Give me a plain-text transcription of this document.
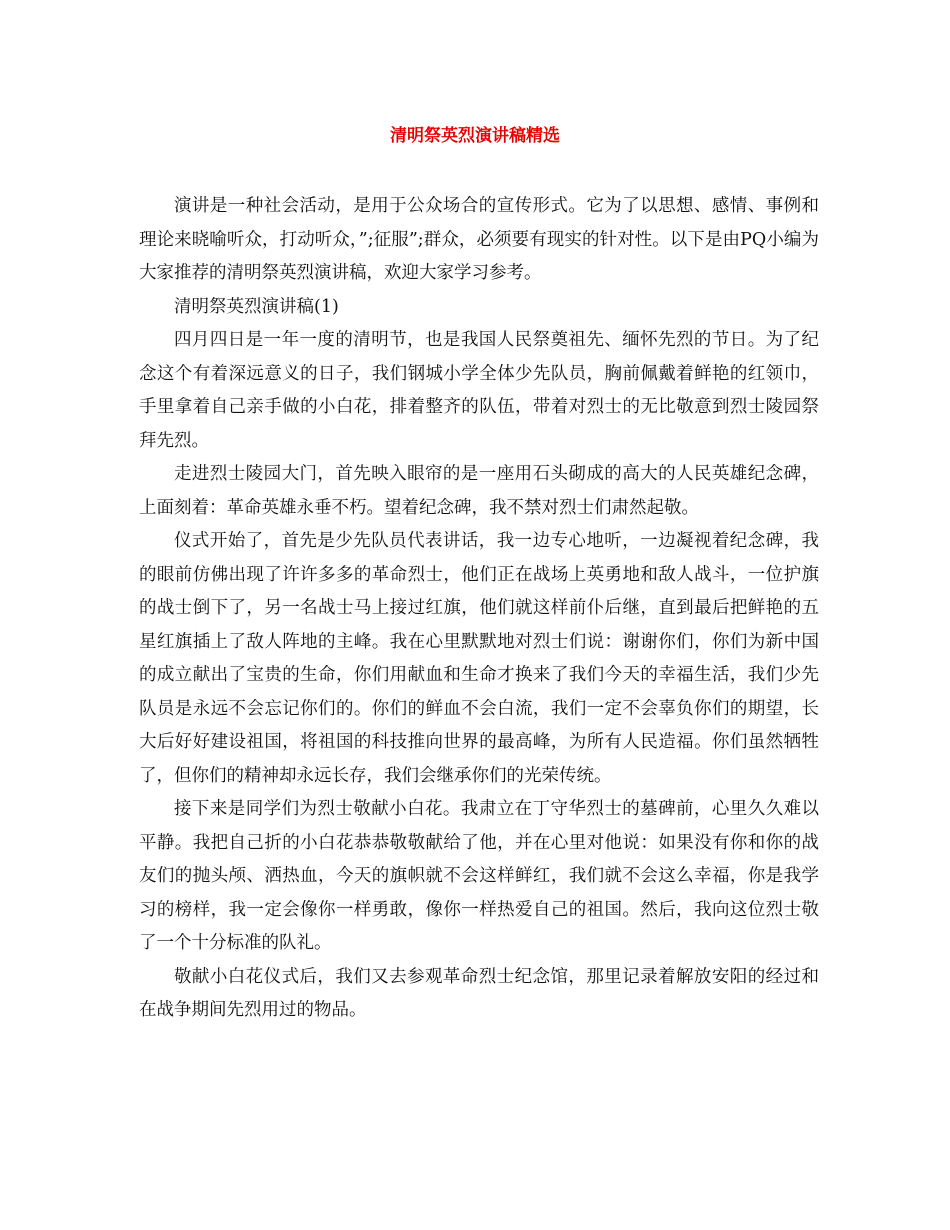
清明祭英烈演讲稿精选

演讲是一种社会活动，是用于公众场合的宣传形式。它为了以思想、感情、事例和理论来晓喻听众，打动听众，”;征服”;群众，必须要有现实的针对性。以下是由PQ小编为大家推荐的清明祭英烈演讲稿，欢迎大家学习参考。

清明祭英烈演讲稿(1)

四月四日是一年一度的清明节，也是我国人民祭奠祖先、缅怀先烈的节日。为了纪念这个有着深远意义的日子，我们钢城小学全体少先队员，胸前佩戴着鲜艳的红领巾，手里拿着自己亲手做的小白花，排着整齐的队伍，带着对烈士的无比敬意到烈士陵园祭拜先烈。

走进烈士陵园大门，首先映入眼帘的是一座用石头砌成的高大的人民英雄纪念碑，上面刻着：革命英雄永垂不朽。望着纪念碑，我不禁对烈士们肃然起敬。

仪式开始了，首先是少先队员代表讲话，我一边专心地听，一边凝视着纪念碑，我的眼前仿佛出现了许许多多的革命烈士，他们正在战场上英勇地和敌人战斗，一位护旗的战士倒下了，另一名战士马上接过红旗，他们就这样前仆后继，直到最后把鲜艳的五星红旗插上了敌人阵地的主峰。我在心里默默地对烈士们说：谢谢你们，你们为新中国的成立献出了宝贵的生命，你们用献血和生命才换来了我们今天的幸福生活，我们少先队员是永远不会忘记你们的。你们的鲜血不会白流，我们一定不会辜负你们的期望，长大后好好建设祖国，将祖国的科技推向世界的最高峰，为所有人民造福。你们虽然牺牲了，但你们的精神却永远长存，我们会继承你们的光荣传统。

接下来是同学们为烈士敬献小白花。我肃立在丁守华烈士的墓碑前，心里久久难以平静。我把自己折的小白花恭恭敬敬献给了他，并在心里对他说：如果没有你和你的战友们的抛头颅、洒热血，今天的旗帜就不会这样鲜红，我们就不会这么幸福，你是我学习的榜样，我一定会像你一样勇敢，像你一样热爱自己的祖国。然后，我向这位烈士敬了一个十分标准的队礼。

敬献小白花仪式后，我们又去参观革命烈士纪念馆，那里记录着解放安阳的经过和在战争期间先烈用过的物品。
